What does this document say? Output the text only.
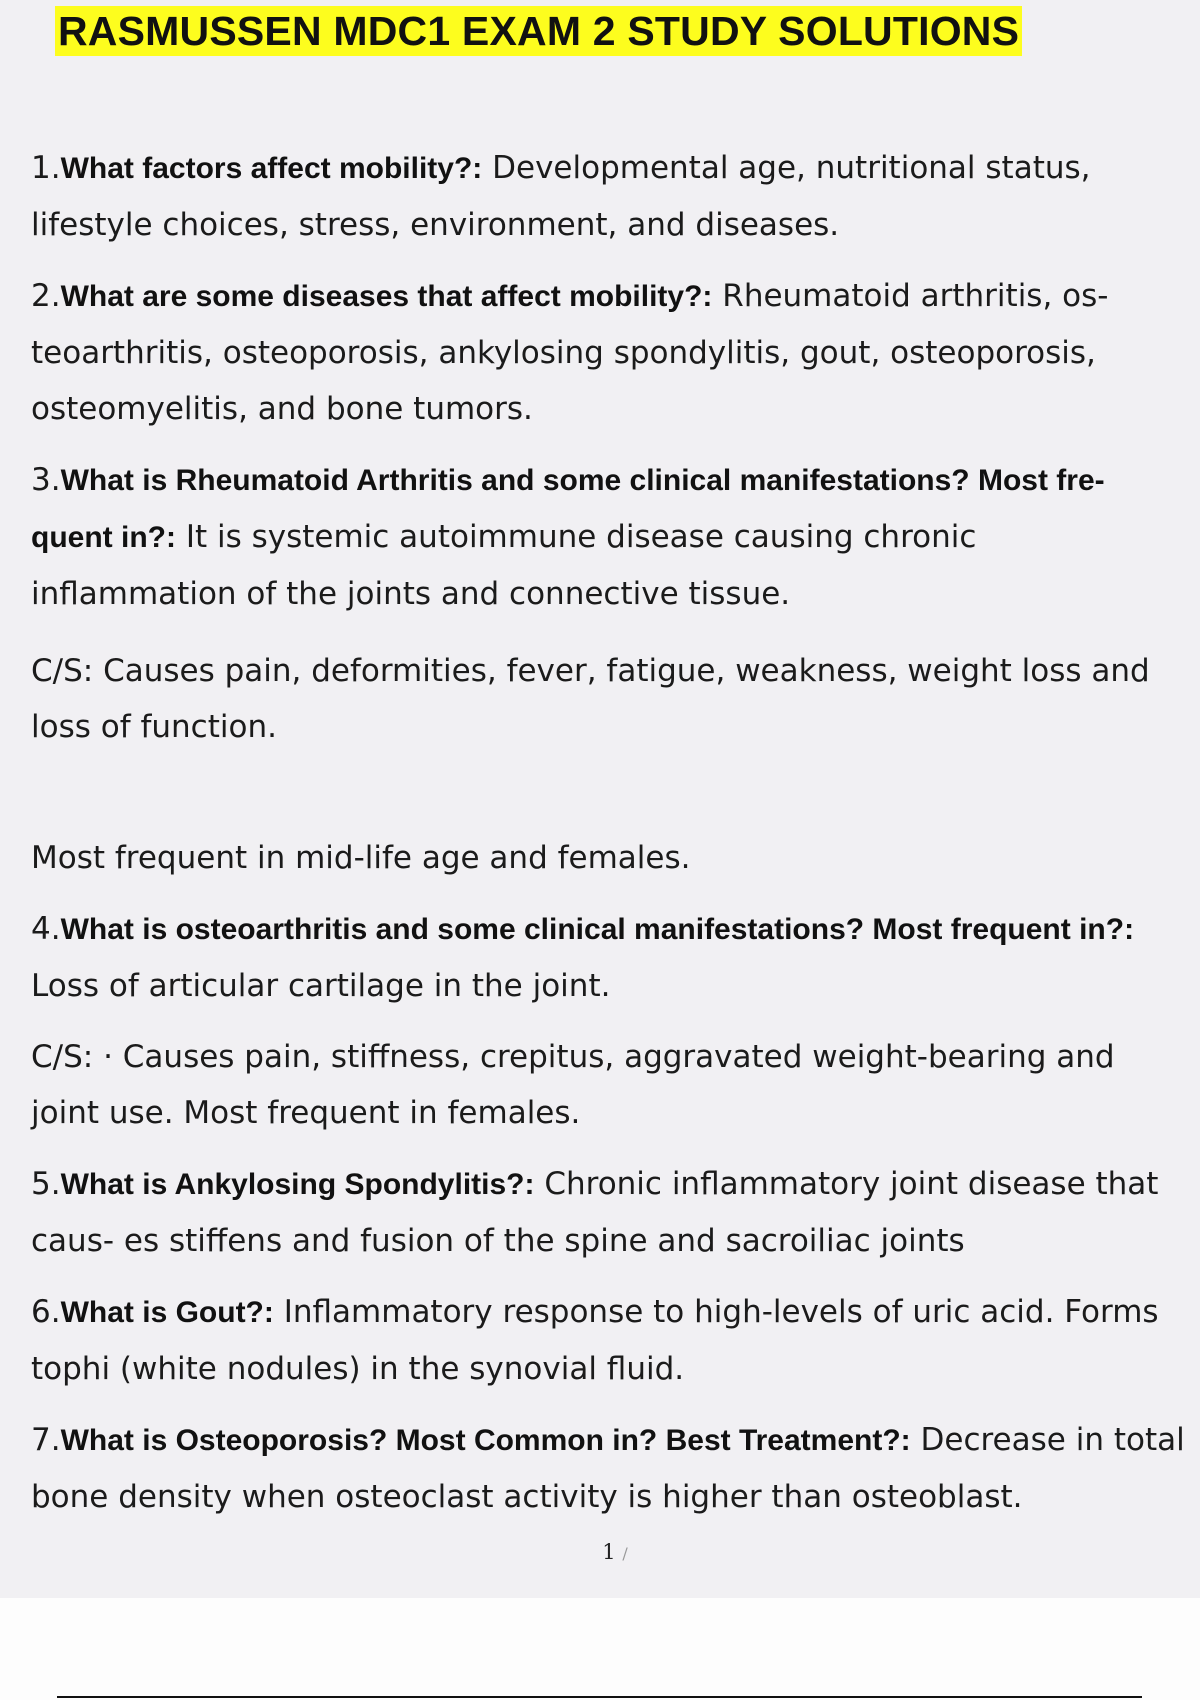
RASMUSSEN MDC1 EXAM 2 STUDY SOLUTIONS

1.What factors affect mobility?: Developmental age, nutritional status, lifestyle choices, stress, environment, and diseases.

2.What are some diseases that affect mobility?: Rheumatoid arthritis, os- teoarthritis, osteoporosis, ankylosing spondylitis, gout, osteoporosis, osteomyelitis, and bone tumors.

3.What is Rheumatoid Arthritis and some clinical manifestations? Most fre- quent in?: It is systemic autoimmune disease causing chronic inflammation of the joints and connective tissue.

C/S: Causes pain, deformities, fever, fatigue, weakness, weight loss and loss of function.

Most frequent in mid-life age and females.

4.What is osteoarthritis and some clinical manifestations? Most frequent in?: Loss of articular cartilage in the joint.

C/S: · Causes pain, stiffness, crepitus, aggravated weight-bearing and joint use. Most frequent in females.

5.What is Ankylosing Spondylitis?: Chronic inflammatory joint disease that caus- es stiffens and fusion of the spine and sacroiliac joints

6.What is Gout?: Inflammatory response to high-levels of uric acid. Forms tophi (white nodules) in the synovial fluid.

7.What is Osteoporosis? Most Common in? Best Treatment?: Decrease in total bone density when osteoclast activity is higher than osteoblast.

1 /
